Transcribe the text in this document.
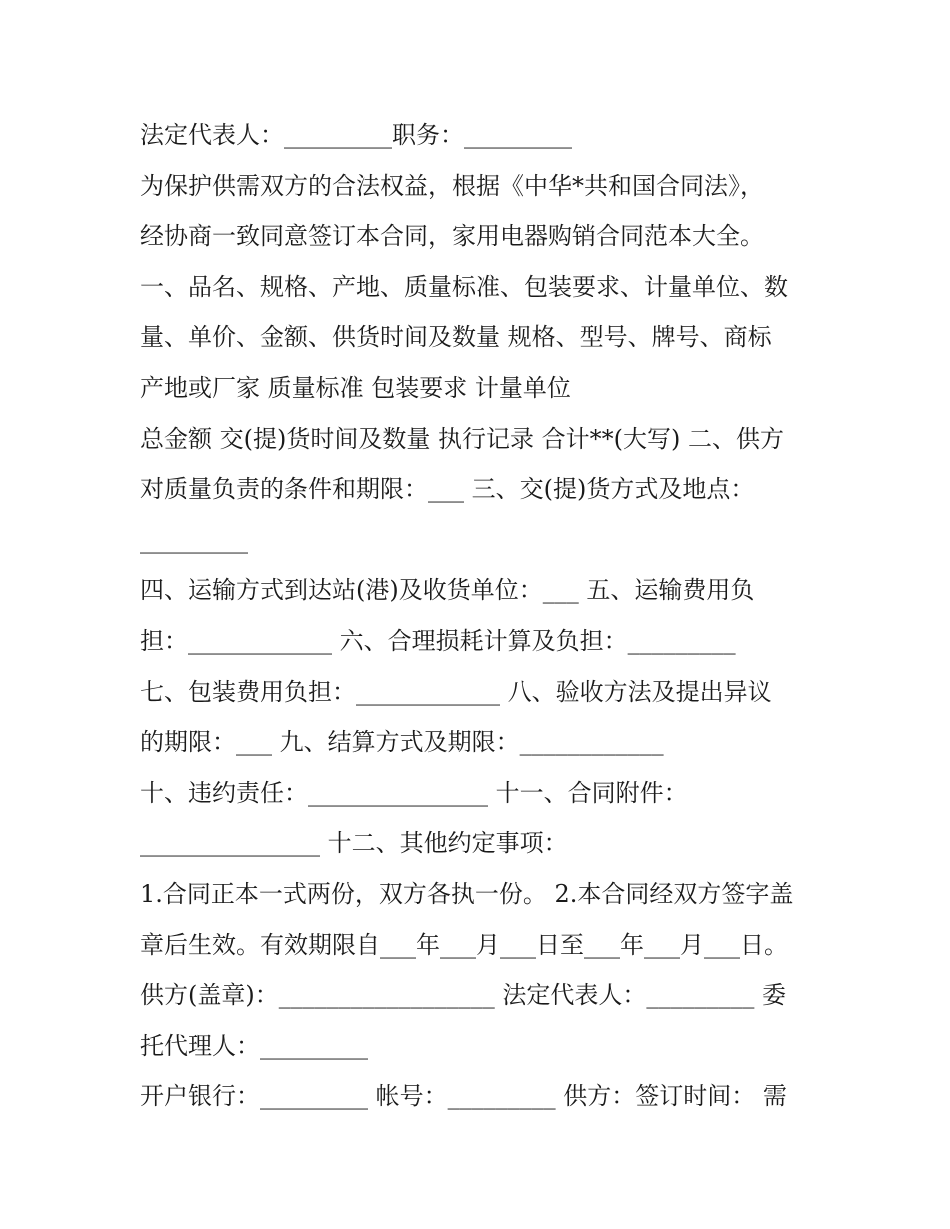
法定代表人：_________职务：_________
为保护供需双方的合法权益，根据《中华*共和国合同法》，
经协商一致同意签订本合同，家用电器购销合同范本大全。
一、品名、规格、产地、质量标准、包装要求、计量单位、数
量、单价、金额、供货时间及数量 规格、型号、牌号、商标
产地或厂家 质量标准 包装要求 计量单位
总金额 交(提)货时间及数量 执行记录 合计**(大写) 二、供方
对质量负责的条件和期限：___ 三、交(提)货方式及地点：
_________
四、运输方式到达站(港)及收货单位：___ 五、运输费用负
担：____________ 六、合理损耗计算及负担：_________
七、包装费用负担：____________ 八、验收方法及提出异议
的期限：___ 九、结算方式及期限：____________
十、违约责任：_______________ 十一、合同附件：
_______________ 十二、其他约定事项：
1.合同正本一式两份，双方各执一份。 2.本合同经双方签字盖
章后生效。有效期限自___年___月___日至___年___月___日。
供方(盖章)：__________________ 法定代表人：_________ 委
托代理人：_________
开户银行：_________ 帐号：_________ 供方：签订时间： 需
